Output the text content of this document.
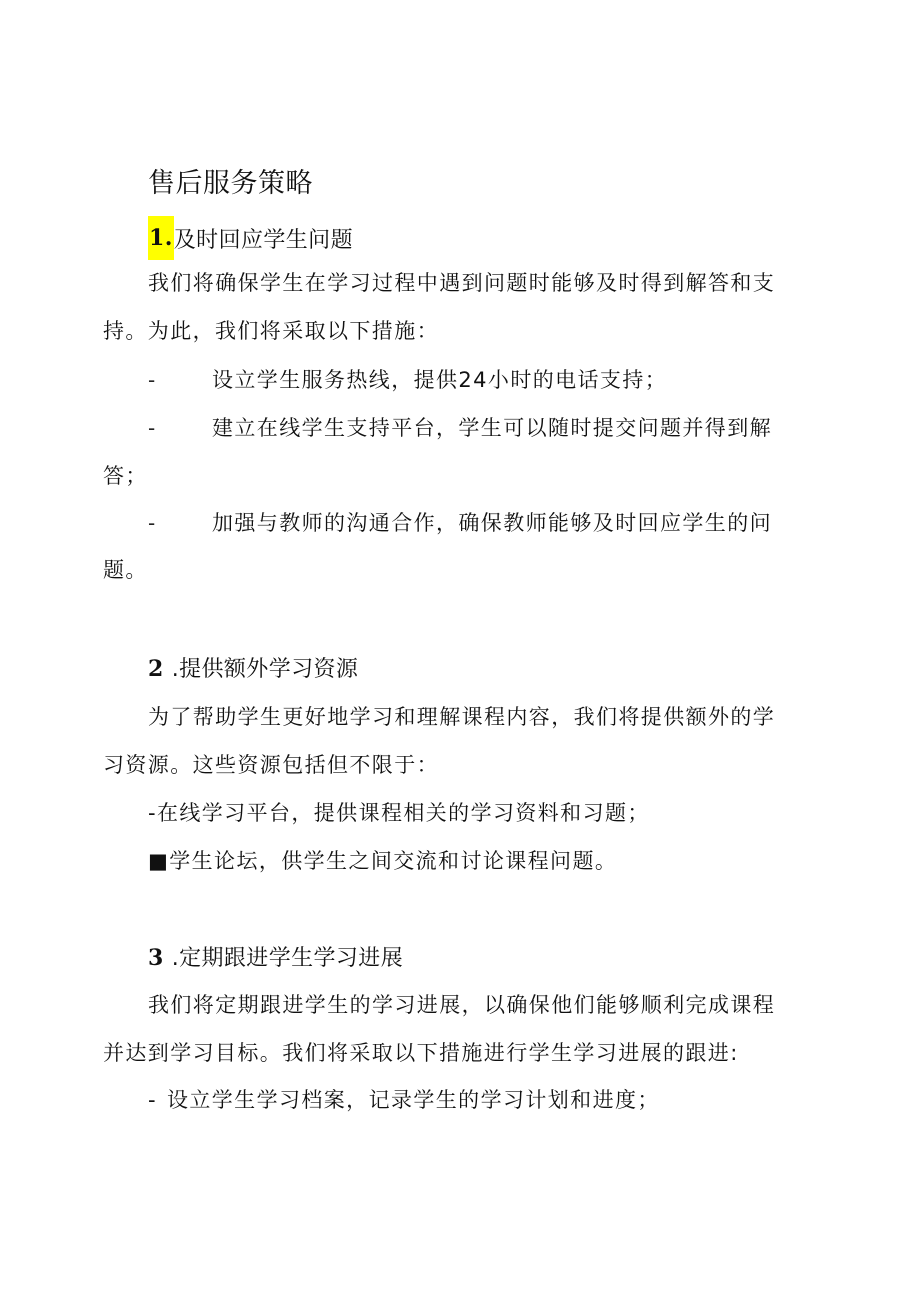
售后服务策略
1.及时回应学生问题
我们将确保学生在学习过程中遇到问题时能够及时得到解答和支
持。为此，我们将采取以下措施：
-	设立学生服务热线，提供24小时的电话支持；
-	建立在线学生支持平台，学生可以随时提交问题并得到解
答；
-	加强与教师的沟通合作，确保教师能够及时回应学生的问
题。
2 .提供额外学习资源
为了帮助学生更好地学习和理解课程内容，我们将提供额外的学
习资源。这些资源包括但不限于：
-在线学习平台，提供课程相关的学习资料和习题；
■学生论坛，供学生之间交流和讨论课程问题。
3 .定期跟进学生学习进展
我们将定期跟进学生的学习进展，以确保他们能够顺利完成课程
并达到学习目标。我们将采取以下措施进行学生学习进展的跟进:
- 设立学生学习档案，记录学生的学习计划和进度；
